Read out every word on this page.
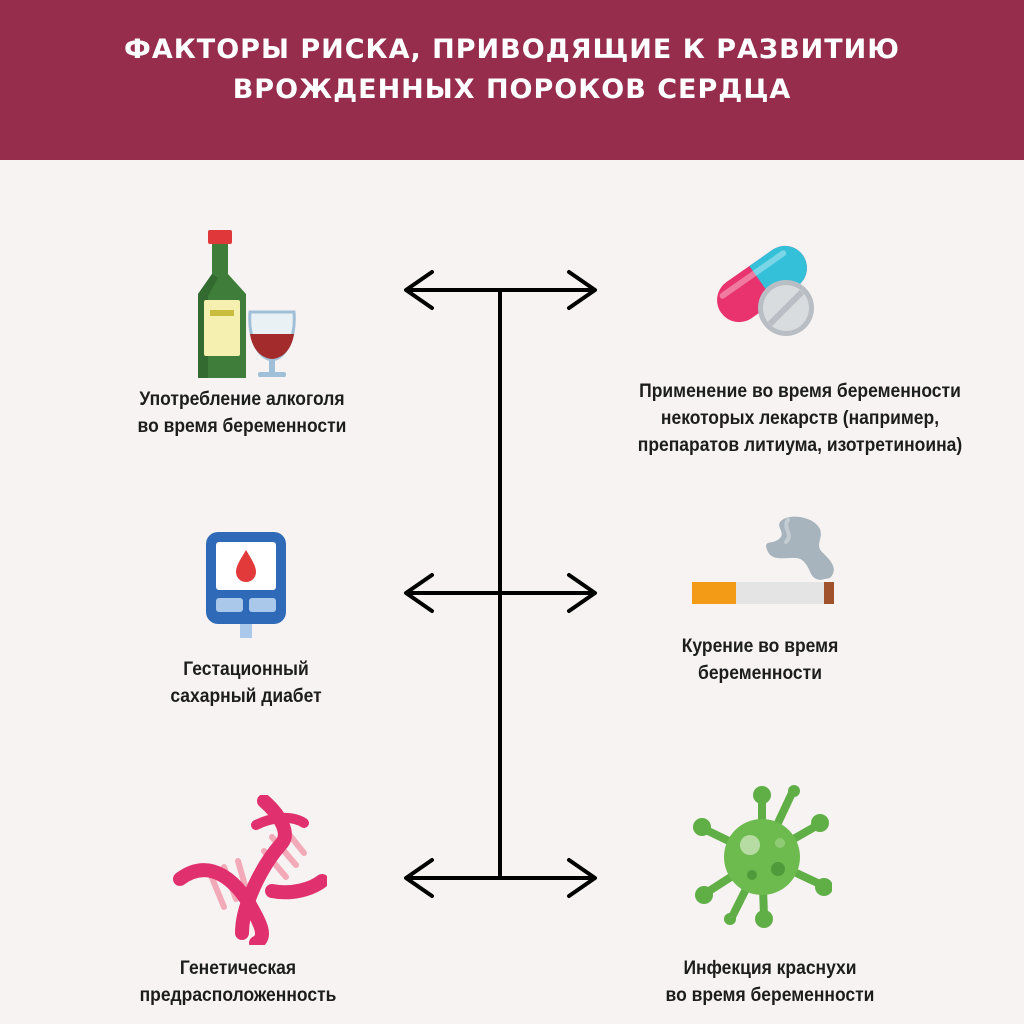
ФАКТОРЫ РИСКА, ПРИВОДЯЩИЕ К РАЗВИТИЮ
ВРОЖДЕННЫХ ПОРОКОВ СЕРДЦА
Употребление алкоголя
во время беременности
Применение во время беременности
некоторых лекарств (например,
препаратов литиума, изотретиноина)
Гестационный
сахарный диабет
Курение во время
беременности
Генетическая
предрасположенность
Инфекция краснухи
во время беременности
